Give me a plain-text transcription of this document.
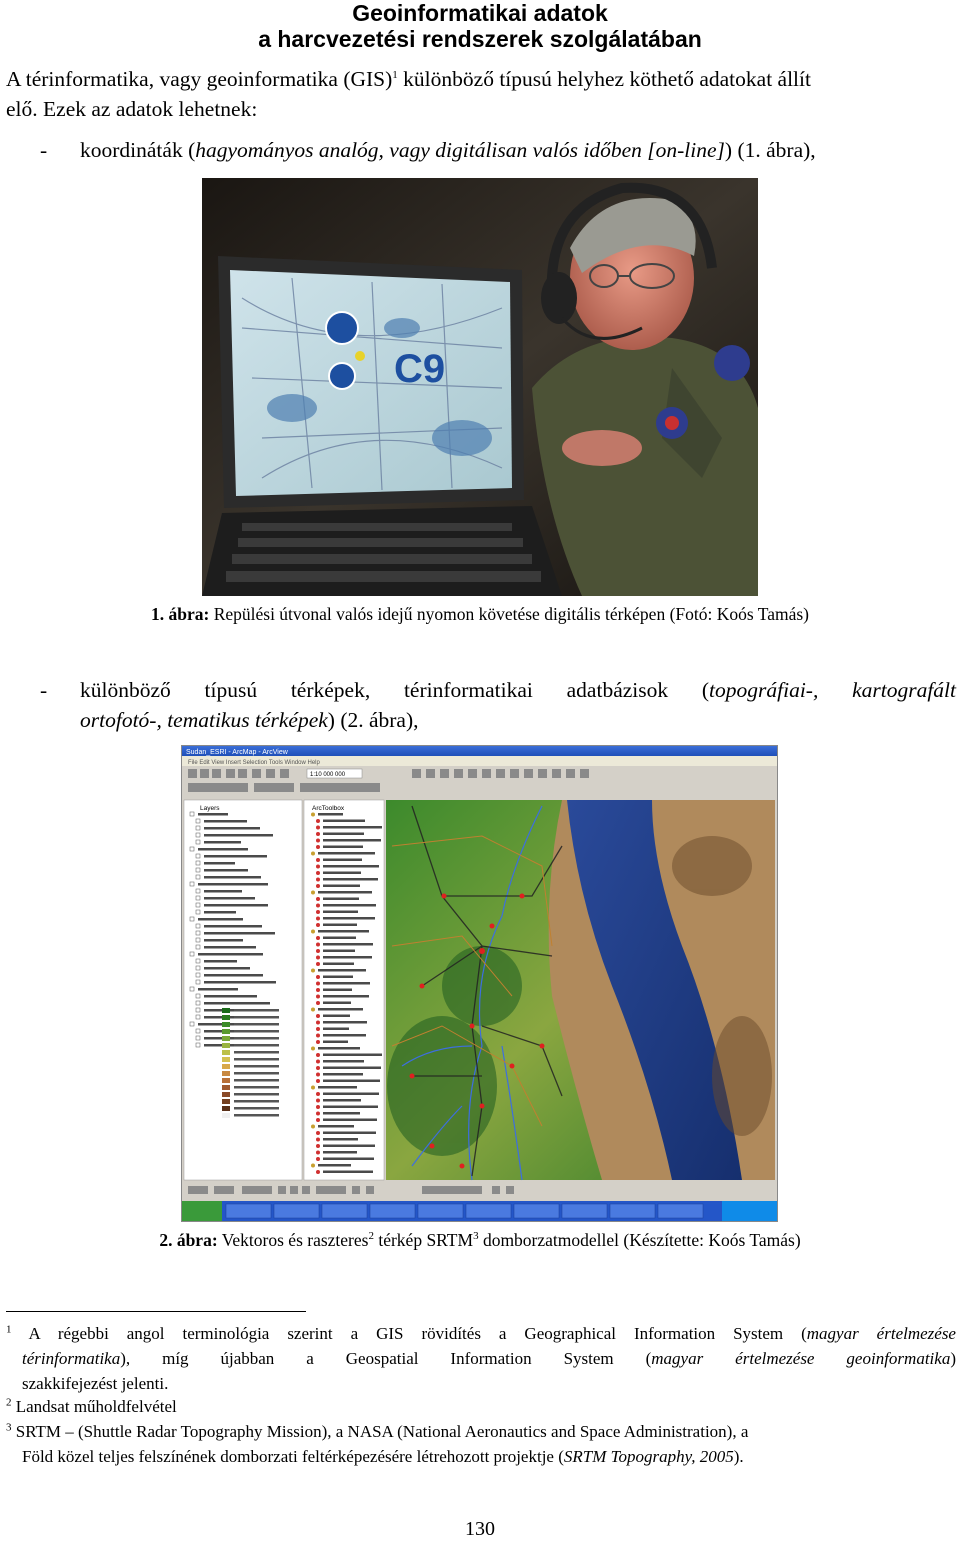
Geoinformatikai adatok
a harcvezetési rendszerek szolgálatában
A térinformatika, vagy geoinformatika (GIS)$^1$ különböző típusú helyhez köthető adatokat állít
elő. Ezek az adatok lehetnek:
- koordináták (hagyományos analóg, vagy digitálisan valós időben [on-line]) (1. ábra),
C9
1. ábra: Repülési útvonal valós idejű nyomon követése digitális térképen (Fotó: Koós Tamás)
- különböző típusú térképek, térinformatikai adatbázisok (topográfiai-, kartografált
ortofotó-, tematikus térképek) (2. ábra),
Sudan_ESRI - ArcMap - ArcView
File Edit View Insert Selection Tools Window Help
1:10 000 000
Layers	ArcToolbox
2. ábra: Vektoros és raszteres$^2$ térkép SRTM$^3$ domborzatmodellel (Készítette: Koós Tamás)
$^1$ A régebbi angol terminológia szerint a GIS rövidítés a Geographical Information System (magyar értelmezése
térinformatika), míg újabban a Geospatial Information System (magyar értelmezése geoinformatika)
szakkifejezést jelenti.
$^2$ Landsat műholdfelvétel
$^3$ SRTM – (Shuttle Radar Topography Mission), a NASA (National Aeronautics and Space Administration), a
Föld közel teljes felszínének domborzati feltérképezésére létrehozott projektje (SRTM Topography, 2005).
130
